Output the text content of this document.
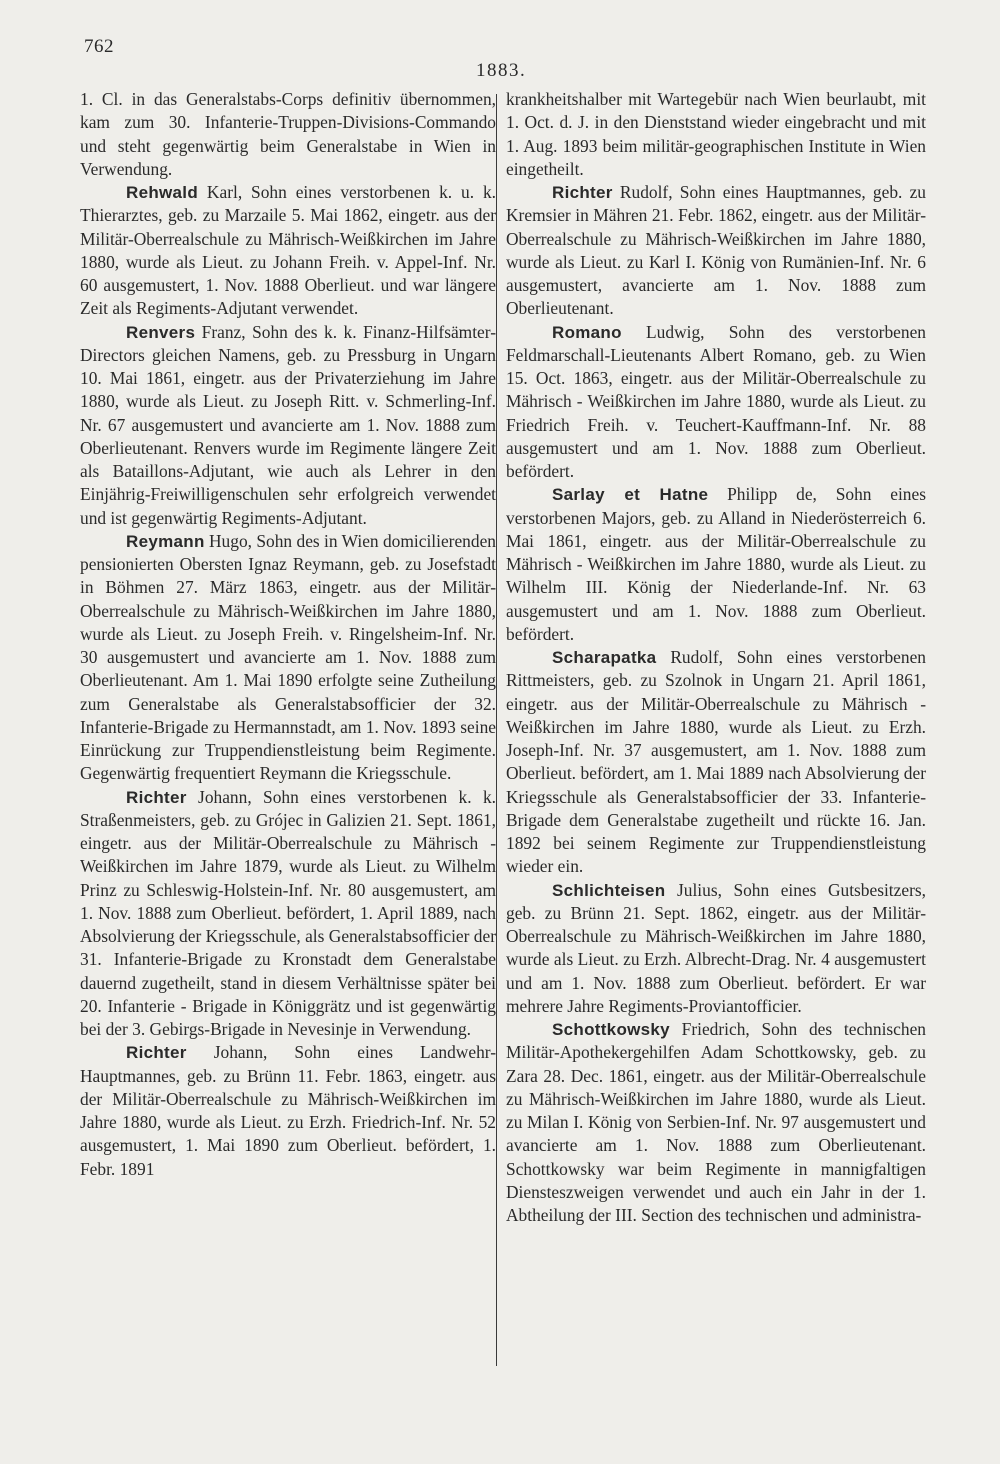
762
1883.

1. Cl. in das Generalstabs-Corps definitiv übernommen, kam zum 30. Infanterie-Truppen-Divisions-Commando und steht gegenwärtig beim Generalstabe in Wien in Verwendung.

Rehwald Karl, Sohn eines verstorbenen k. u. k. Thierarztes, geb. zu Marzaile 5. Mai 1862, eingetr. aus der Militär-Oberrealschule zu Mährisch-Weißkirchen im Jahre 1880, wurde als Lieut. zu Johann Freih. v. Appel-Inf. Nr. 60 ausgemustert, 1. Nov. 1888 Oberlieut. und war längere Zeit als Regiments-Adjutant verwendet.

Renvers Franz, Sohn des k. k. Finanz-Hilfsämter-Directors gleichen Namens, geb. zu Pressburg in Ungarn 10. Mai 1861, eingetr. aus der Privaterziehung im Jahre 1880, wurde als Lieut. zu Joseph Ritt. v. Schmerling-Inf. Nr. 67 ausgemustert und avancierte am 1. Nov. 1888 zum Oberlieutenant. Renvers wurde im Regimente längere Zeit als Bataillons-Adjutant, wie auch als Lehrer in den Einjährig-Freiwilligenschulen sehr erfolgreich verwendet und ist gegenwärtig Regiments-Adjutant.

Reymann Hugo, Sohn des in Wien domicilierenden pensionierten Obersten Ignaz Reymann, geb. zu Josefstadt in Böhmen 27. März 1863, eingetr. aus der Militär-Oberrealschule zu Mährisch-Weißkirchen im Jahre 1880, wurde als Lieut. zu Joseph Freih. v. Ringelsheim-Inf. Nr. 30 ausgemustert und avancierte am 1. Nov. 1888 zum Oberlieutenant. Am 1. Mai 1890 erfolgte seine Zutheilung zum Generalstabe als Generalstabsofficier der 32. Infanterie-Brigade zu Hermannstadt, am 1. Nov. 1893 seine Einrückung zur Truppendienstleistung beim Regimente. Gegenwärtig frequentiert Reymann die Kriegsschule.

Richter Johann, Sohn eines verstorbenen k. k. Straßenmeisters, geb. zu Grójec in Galizien 21. Sept. 1861, eingetr. aus der Militär-Oberrealschule zu Mährisch - Weißkirchen im Jahre 1879, wurde als Lieut. zu Wilhelm Prinz zu Schleswig-Holstein-Inf. Nr. 80 ausgemustert, am 1. Nov. 1888 zum Oberlieut. befördert, 1. April 1889, nach Absolvierung der Kriegsschule, als Generalstabsofficier der 31. Infanterie-Brigade zu Kronstadt dem Generalstabe dauernd zugetheilt, stand in diesem Verhältnisse später bei 20. Infanterie - Brigade in Königgrätz und ist gegenwärtig bei der 3. Gebirgs-Brigade in Nevesinje in Verwendung.

Richter Johann, Sohn eines Landwehr-Hauptmannes, geb. zu Brünn 11. Febr. 1863, eingetr. aus der Militär-Oberrealschule zu Mährisch-Weißkirchen im Jahre 1880, wurde als Lieut. zu Erzh. Friedrich-Inf. Nr. 52 ausgemustert, 1. Mai 1890 zum Oberlieut. befördert, 1. Febr. 1891

krankheitshalber mit Wartegebür nach Wien beurlaubt, mit 1. Oct. d. J. in den Dienststand wieder eingebracht und mit 1. Aug. 1893 beim militär-geographischen Institute in Wien eingetheilt.

Richter Rudolf, Sohn eines Hauptmannes, geb. zu Kremsier in Mähren 21. Febr. 1862, eingetr. aus der Militär-Oberrealschule zu Mährisch-Weißkirchen im Jahre 1880, wurde als Lieut. zu Karl I. König von Rumänien-Inf. Nr. 6 ausgemustert, avancierte am 1. Nov. 1888 zum Oberlieutenant.

Romano Ludwig, Sohn des verstorbenen Feldmarschall-Lieutenants Albert Romano, geb. zu Wien 15. Oct. 1863, eingetr. aus der Militär-Oberrealschule zu Mährisch - Weißkirchen im Jahre 1880, wurde als Lieut. zu Friedrich Freih. v. Teuchert-Kauffmann-Inf. Nr. 88 ausgemustert und am 1. Nov. 1888 zum Oberlieut. befördert.

Sarlay et Hatne Philipp de, Sohn eines verstorbenen Majors, geb. zu Alland in Niederösterreich 6. Mai 1861, eingetr. aus der Militär-Oberrealschule zu Mährisch - Weißkirchen im Jahre 1880, wurde als Lieut. zu Wilhelm III. König der Niederlande-Inf. Nr. 63 ausgemustert und am 1. Nov. 1888 zum Oberlieut. befördert.

Scharapatka Rudolf, Sohn eines verstorbenen Rittmeisters, geb. zu Szolnok in Ungarn 21. April 1861, eingetr. aus der Militär-Oberrealschule zu Mährisch -Weißkirchen im Jahre 1880, wurde als Lieut. zu Erzh. Joseph-Inf. Nr. 37 ausgemustert, am 1. Nov. 1888 zum Oberlieut. befördert, am 1. Mai 1889 nach Absolvierung der Kriegsschule als Generalstabsofficier der 33. Infanterie-Brigade dem Generalstabe zugetheilt und rückte 16. Jan. 1892 bei seinem Regimente zur Truppendienstleistung wieder ein.

Schlichteisen Julius, Sohn eines Gutsbesitzers, geb. zu Brünn 21. Sept. 1862, eingetr. aus der Militär-Oberrealschule zu Mährisch-Weißkirchen im Jahre 1880, wurde als Lieut. zu Erzh. Albrecht-Drag. Nr. 4 ausgemustert und am 1. Nov. 1888 zum Oberlieut. befördert. Er war mehrere Jahre Regiments-Proviantofficier.

Schottkowsky Friedrich, Sohn des technischen Militär-Apothekergehilfen Adam Schottkowsky, geb. zu Zara 28. Dec. 1861, eingetr. aus der Militär-Oberrealschule zu Mährisch-Weißkirchen im Jahre 1880, wurde als Lieut. zu Milan I. König von Serbien-Inf. Nr. 97 ausgemustert und avancierte am 1. Nov. 1888 zum Oberlieutenant. Schottkowsky war beim Regimente in mannigfaltigen Diensteszweigen verwendet und auch ein Jahr in der 1. Abtheilung der III. Section des technischen und administra-
